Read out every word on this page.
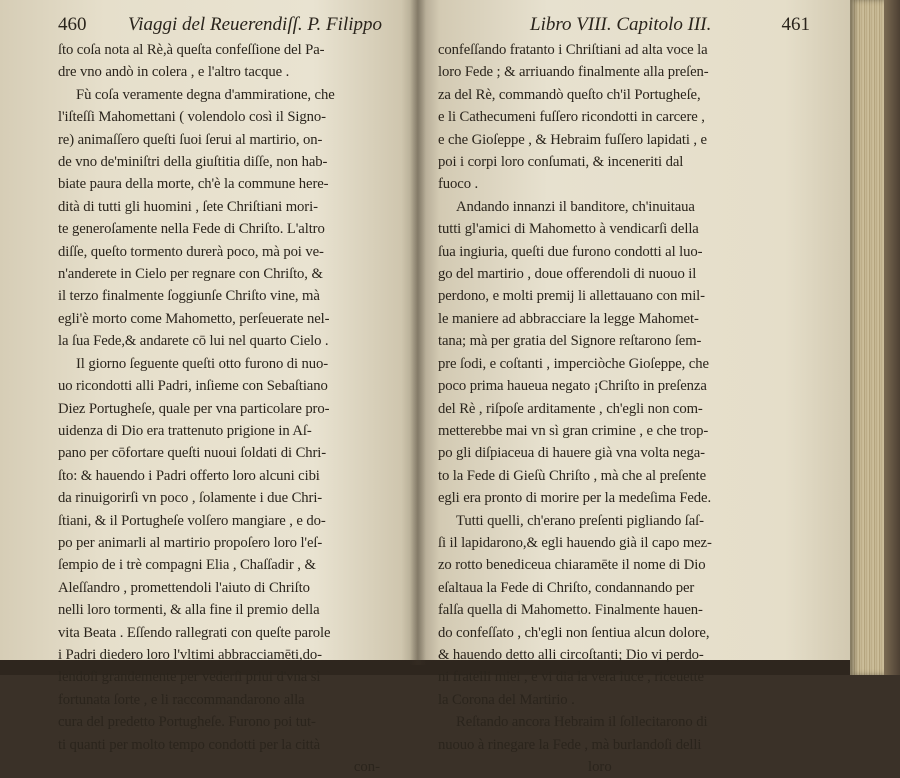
460 Viaggi del Reuerendiſſ. P. Filippo
ſto coſa nota al Rè,à queſta confeſſione del Pa-
dre vno andò in colera , e l'altro tacque .
Fù coſa veramente degna d'ammiratione, che
l'iſteſſi Mahomettani ( volendolo così il Signo-
re) animaſſero queſti ſuoi ſerui al martirio, on-
de vno de'miniſtri della giuſtitia diſſe, non hab-
biate paura della morte, ch'è la commune here-
dità di tutti gli huomini , ſete Chriſtiani mori-
te generoſamente nella Fede di Chriſto. L'altro
diſſe, queſto tormento durerà poco, mà poi ve-
n'anderete in Cielo per regnare con Chriſto, &
il terzo finalmente ſoggiunſe Chriſto vine, mà
egli'è morto come Mahometto, perſeuerate nel-
la ſua Fede,& andarete cō lui nel quarto Cielo .
Il giorno ſeguente queſti otto furono di nuo-
uo ricondotti alli Padri, inſieme con Sebaſtiano
Diez Portugheſe, quale per vna particolare pro-
uidenza di Dio era trattenuto prigione in Aſ-
pano per cōfortare queſti nuoui ſoldati di Chri-
ſto: & hauendo i Padri offerto loro alcuni cibi
da rinuigorirſi vn poco , ſolamente i due Chri-
ſtiani, & il Portugheſe volſero mangiare , e do-
po per animarli al martirio propoſero loro l'eſ-
ſempio de i trè compagni Elia , Chaſſadir , &
Aleſſandro , promettendoli l'aiuto di Chriſto
nelli loro tormenti, & alla fine il premio della
vita Beata . Eſſendo rallegrati con queſte parole
i Padri diedero loro l'vltimi abbracciamēti,do-
lendoſi grandemente per vederſi priui d'vna sì
fortunata ſorte , e li raccommandarono alla
cura del predetto Portugheſe. Furono poi tut-
ti quanti per molto tempo condotti per la città
con-
Libro VIII. Capitolo III.	461
confeſſando fratanto i Chriſtiani ad alta voce la
loro Fede ; & arriuando finalmente alla preſen-
za del Rè, commandò queſto ch'il Portugheſe,
e li Cathecumeni fuſſero ricondotti in carcere ,
e che Gioſeppe , & Hebraim fuſſero lapidati , e
poi i corpi loro conſumati, & inceneriti dal
fuoco .
Andando innanzi il banditore, ch'inuitaua
tutti gl'amici di Mahometto à vendicarſi della
ſua ingiuria, queſti due furono condotti al luo-
go del martirio , doue offerendoli di nuouo il
perdono, e molti premij li allettauano con mil-
le maniere ad abbracciare la legge Mahomet-
tana; mà per gratia del Signore reſtarono ſem-
pre ſodi, e coſtanti , imperciòche Gioſeppe, che
poco prima haueua negato ¡Chriſto in preſenza
del Rè , riſpoſe arditamente , ch'egli non com-
metterebbe mai vn sì gran crimine , e che trop-
po gli diſpiaceua di hauere già vna volta nega-
to la Fede di Gieſù Chriſto , mà che al preſente
egli era pronto di morire per la medeſima Fede.
Tutti quelli, ch'erano preſenti pigliando ſaſ-
ſi il lapidarono,& egli hauendo già il capo mez-
zo rotto benediceua chiaramēte il nome di Dio
eſaltaua la Fede di Chriſto, condannando per
falſa quella di Mahometto. Finalmente hauen-
do confeſſato , ch'egli non ſentiua alcun dolore,
& hauendo detto alli circoſtanti; Dio vi perdo-
ni fratelli miei , e vi dia la vera luce , riceuette
la Corona del Martirio .
Reſtando ancora Hebraim il ſollecitarono di
nuouo à rinegare la Fede , mà burlandoſi delli
loro
